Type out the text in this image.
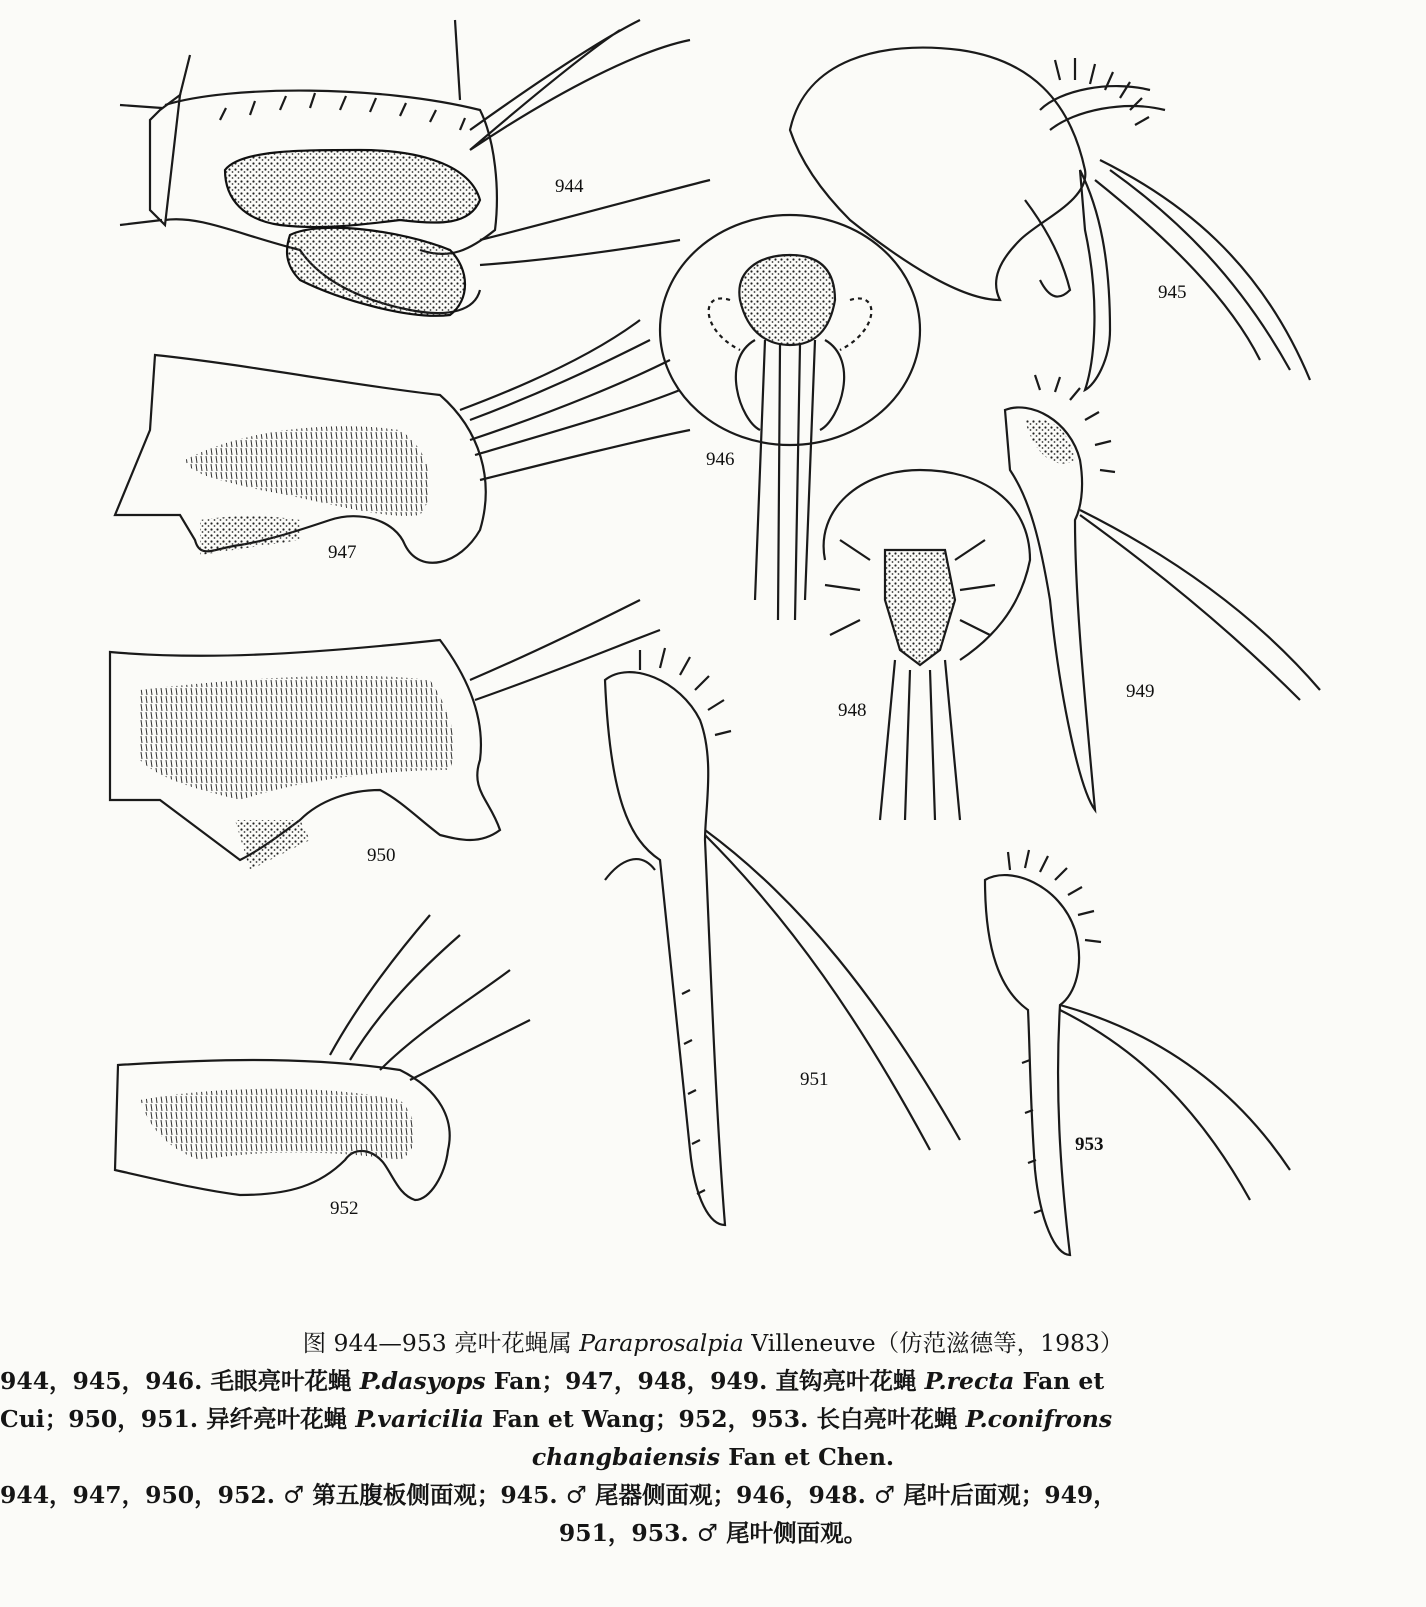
944
945
946
947
948
949
950
951
952
953
图 944—953 亮叶花蝇属 Paraprosalpia Villeneuve（仿范滋德等，1983）
944，945，946. 毛眼亮叶花蝇 P.dasyops Fan；947，948，949. 直钩亮叶花蝇 P.recta Fan et
Cui；950，951. 异纤亮叶花蝇 P.varicilia Fan et Wang；952，953. 长白亮叶花蝇 P.conifrons
changbaiensis Fan et Chen.
944，947，950，952. ♂ 第五腹板侧面观；945. ♂ 尾器侧面观；946，948. ♂ 尾叶后面观；949，
951，953. ♂ 尾叶侧面观。
